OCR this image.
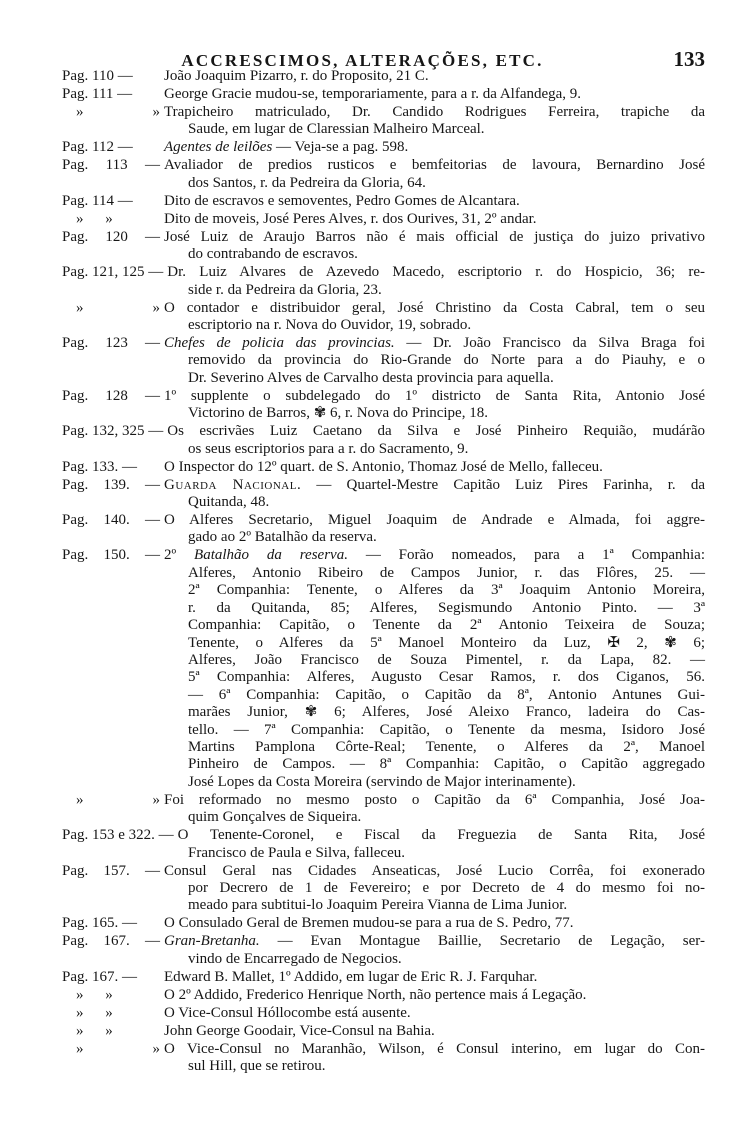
ACCRESCIMOS, ALTERAÇÕES, ETC.	133
Pag. 110 — João Joaquim Pizarro, r. do Proposito, 21 C.
Pag. 111 — George Gracie mudou-se, temporariamente, para a r. da Alfandega, 9.
» » Trapicheiro matriculado, Dr. Candido Rodrigues Ferreira, trapiche da
Saude, em lugar de Claressian Malheiro Marceal.
Pag. 112 — Agentes de leilões — Veja-se a pag. 598.
Pag. 113 — Avaliador de predios rusticos e bemfeitorias de lavoura, Bernardino José
dos Santos, r. da Pedreira da Gloria, 64.
Pag. 114 — Dito de escravos e semoventes, Pedro Gomes de Alcantara.
» »	Dito de moveis, José Peres Alves, r. dos Ourives, 31, 2º andar.
Pag. 120 — José Luiz de Araujo Barros não é mais official de justiça do juizo privativo
do contrabando de escravos.
Pag. 121, 125 — Dr. Luiz Alvares de Azevedo Macedo, escriptorio r. do Hospicio, 36; re-
side r. da Pedreira da Gloria, 23.
» » O contador e distribuidor geral, José Christino da Costa Cabral, tem o seu
escriptorio na r. Nova do Ouvidor, 19, sobrado.
Pag. 123 — Chefes de policia das provincias. — Dr. João Francisco da Silva Braga foi
removido da provincia do Rio-Grande do Norte para a do Piauhy, e o
Dr. Severino Alves de Carvalho desta provincia para aquella.
Pag. 128 — 1º supplente o subdelegado do 1º districto de Santa Rita, Antonio José
Victorino de Barros, ✾ 6, r. Nova do Principe, 18.
Pag. 132, 325 — Os escrivães Luiz Caetano da Silva e José Pinheiro Requião, mudárão
os seus escriptorios para a r. do Sacramento, 9.
Pag. 133. — O Inspector do 12º quart. de S. Antonio, Thomaz José de Mello, falleceu.
Pag. 139. — Guarda Nacional. — Quartel-Mestre Capitão Luiz Pires Farinha, r. da
Quitanda, 48.
Pag. 140. — O Alferes Secretario, Miguel Joaquim de Andrade e Almada, foi aggre-
gado ao 2º Batalhão da reserva.
Pag. 150. — 2º Batalhão da reserva. — Forão nomeados, para a 1ª Companhia:
Alferes, Antonio Ribeiro de Campos Junior, r. das Flôres, 25. —
2ª Companhia: Tenente, o Alferes da 3ª Joaquim Antonio Moreira,
r. da Quitanda, 85; Alferes, Segismundo Antonio Pinto. — 3ª
Companhia: Capitão, o Tenente da 2ª Antonio Teixeira de Souza;
Tenente, o Alferes da 5ª Manoel Monteiro da Luz, ✠ 2, ✾ 6;
Alferes, João Francisco de Souza Pimentel, r. da Lapa, 82. —
5ª Companhia: Alferes, Augusto Cesar Ramos, r. dos Ciganos, 56.
— 6ª Companhia: Capitão, o Capitão da 8ª, Antonio Antunes Gui-
marães Junior, ✾ 6; Alferes, José Aleixo Franco, ladeira do Cas-
tello. — 7ª Companhia: Capitão, o Tenente da mesma, Isidoro José
Martins Pamplona Côrte-Real; Tenente, o Alferes da 2ª, Manoel
Pinheiro de Campos. — 8ª Companhia: Capitão, o Capitão aggregado
José Lopes da Costa Moreira (servindo de Major interinamente).
» » Foi reformado no mesmo posto o Capitão da 6ª Companhia, José Joa-
quim Gonçalves de Siqueira.
Pag. 153 e 322. — O Tenente-Coronel, e Fiscal da Freguezia de Santa Rita, José
Francisco de Paula e Silva, falleceu.
Pag. 157. — Consul Geral nas Cidades Anseaticas, José Lucio Corrêa, foi exonerado
por Decrero de 1 de Fevereiro; e por Decreto de 4 do mesmo foi no-
meado para subtitui-lo Joaquim Pereira Vianna de Lima Junior.
Pag. 165. — O Consulado Geral de Bremen mudou-se para a rua de S. Pedro, 77.
Pag. 167. — Gran-Bretanha. — Evan Montague Baillie, Secretario de Legação, ser-
vindo de Encarregado de Negocios.
Pag. 167. — Edward B. Mallet, 1º Addido, em lugar de Eric R. J. Farquhar.
» »	O 2º Addido, Frederico Henrique North, não pertence mais á Legação.
» »	O Vice-Consul Hóllocombe está ausente.
» »	John George Goodair, Vice-Consul na Bahia.
» » O Vice-Consul no Maranhão, Wilson, é Consul interino, em lugar do Con-
sul Hill, que se retirou.
